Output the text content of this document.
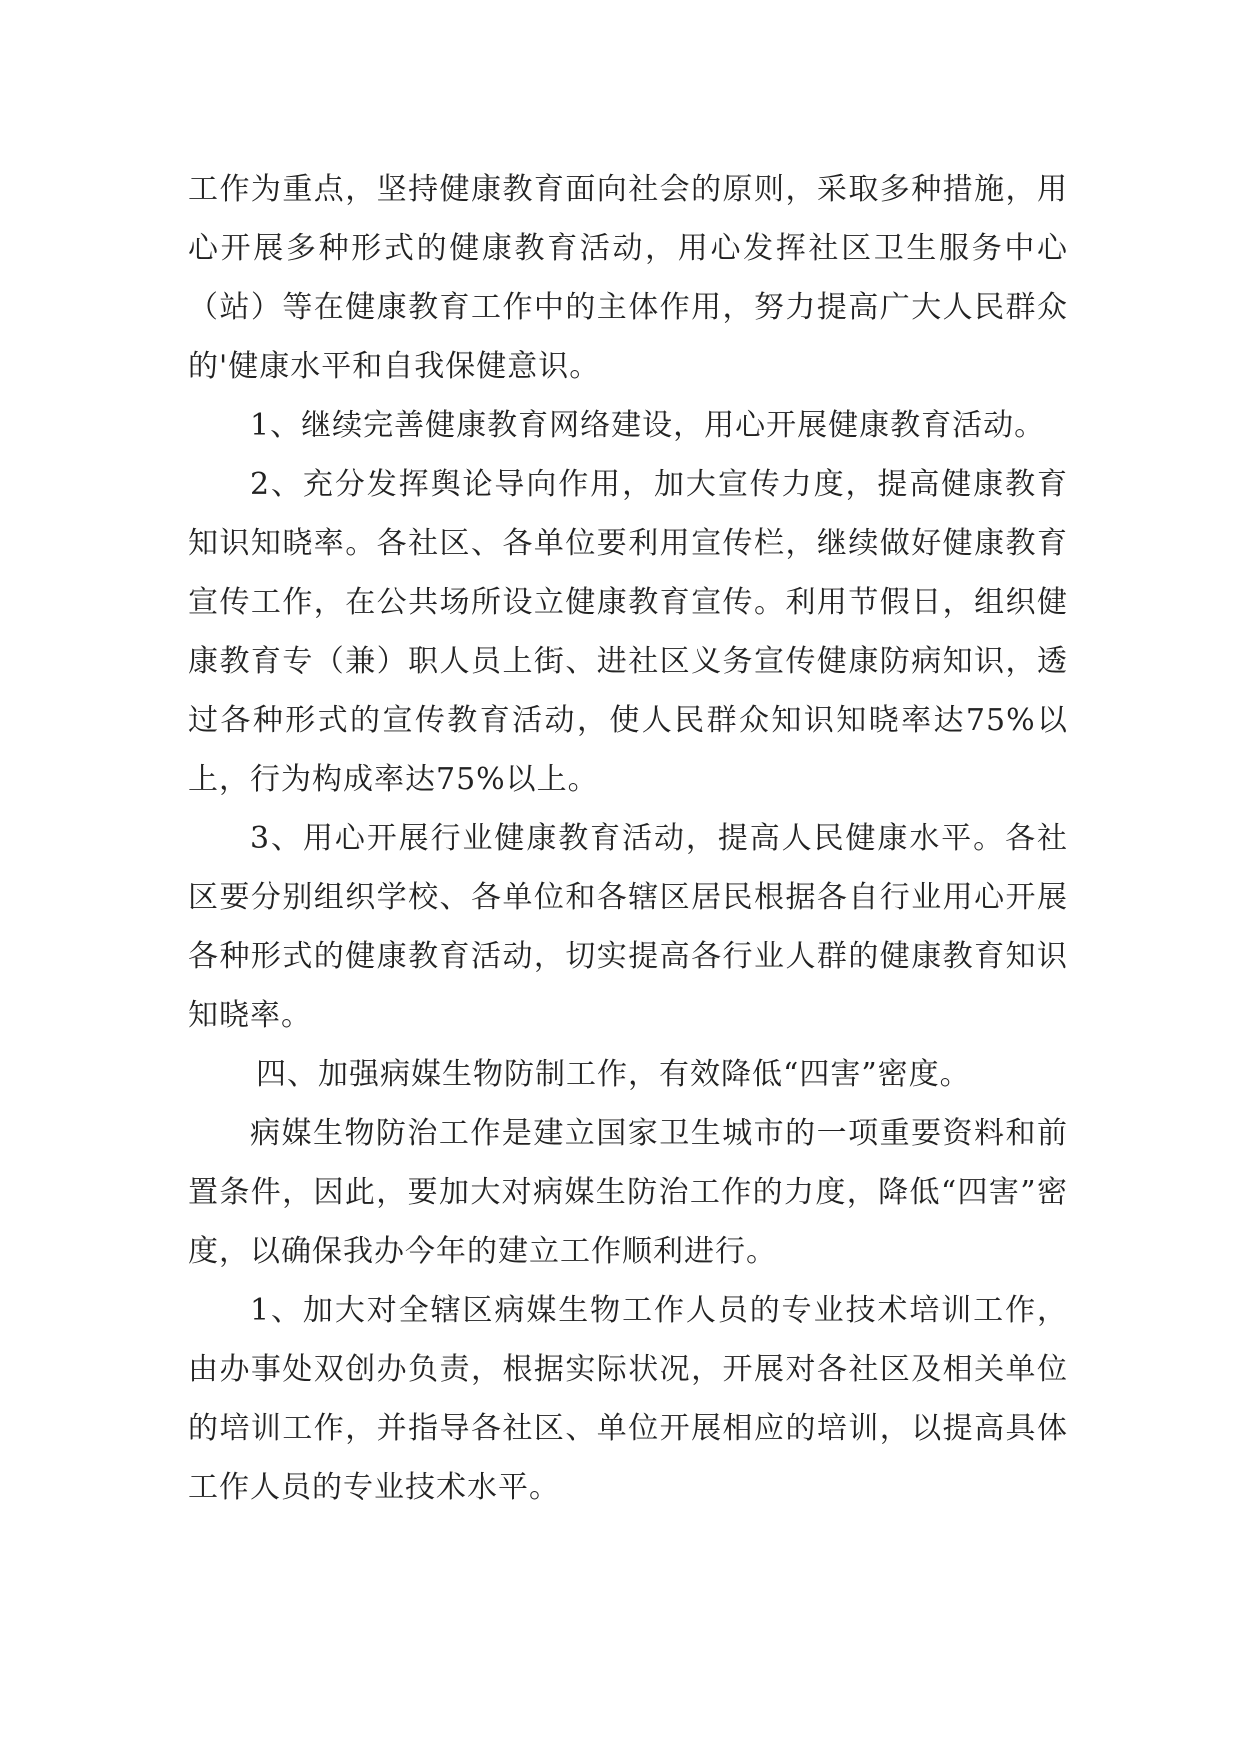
工作为重点，坚持健康教育面向社会的原则，采取多种措施，用心开展多种形式的健康教育活动，用心发挥社区卫生服务中心（站）等在健康教育工作中的主体作用，努力提高广大人民群众的'健康水平和自我保健意识。

1、继续完善健康教育网络建设，用心开展健康教育活动。

2、充分发挥舆论导向作用，加大宣传力度，提高健康教育知识知晓率。各社区、各单位要利用宣传栏，继续做好健康教育宣传工作，在公共场所设立健康教育宣传。利用节假日，组织健康教育专（兼）职人员上街、进社区义务宣传健康防病知识，透过各种形式的宣传教育活动，使人民群众知识知晓率达75%以上，行为构成率达75%以上。

3、用心开展行业健康教育活动，提高人民健康水平。各社区要分别组织学校、各单位和各辖区居民根据各自行业用心开展各种形式的健康教育活动，切实提高各行业人群的健康教育知识知晓率。

四、加强病媒生物防制工作，有效降低“四害”密度。

病媒生物防治工作是建立国家卫生城市的一项重要资料和前置条件，因此，要加大对病媒生防治工作的力度，降低“四害”密度，以确保我办今年的建立工作顺利进行。

1、加大对全辖区病媒生物工作人员的专业技术培训工作，由办事处双创办负责，根据实际状况，开展对各社区及相关单位的培训工作，并指导各社区、单位开展相应的培训，以提高具体工作人员的专业技术水平。
